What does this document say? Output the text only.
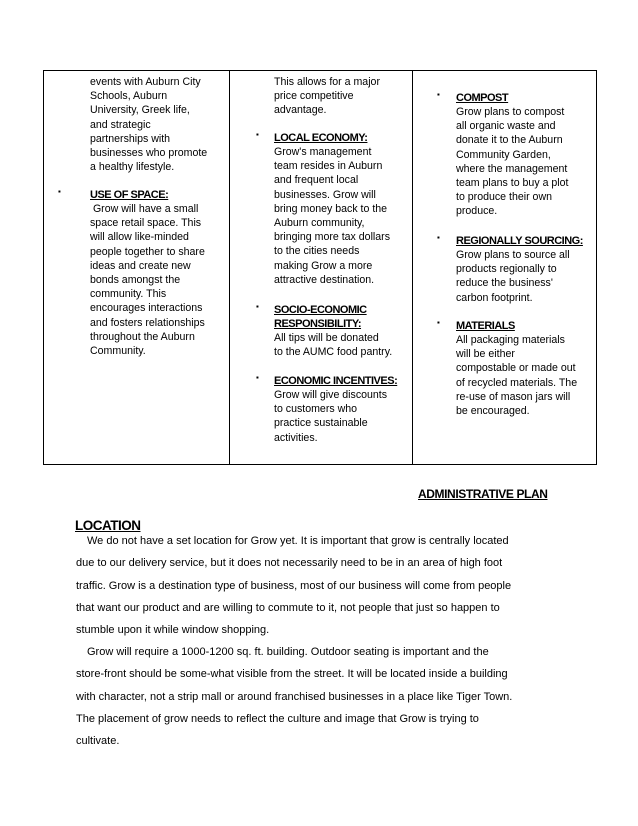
events with Auburn City
Schools, Auburn
University, Greek life,
and strategic
partnerships with
businesses who promote
a healthy lifestyle.
▪	USE OF SPACE:
Grow will have a small
space retail space. This
will allow like-minded
people together to share
ideas and create new
bonds amongst the
community. This
encourages interactions
and fosters relationships
throughout the Auburn
Community.
This allows for a major
price competitive
advantage.
▪ LOCAL ECONOMY:
Grow's management
team resides in Auburn
and frequent local
businesses. Grow will
bring money back to the
Auburn community,
bringing more tax dollars
to the cities needs
making Grow a more
attractive destination.
▪ SOCIO-ECONOMIC
RESPONSIBILITY:
All tips will be donated
to the AUMC food pantry.
▪ ECONOMIC INCENTIVES:
Grow will give discounts
to customers who
practice sustainable
activities.
▪ COMPOST
Grow plans to compost
all organic waste and
donate it to the Auburn
Community Garden,
where the management
team plans to buy a plot
to produce their own
produce.
▪ REGIONALLY SOURCING:
Grow plans to source all
products regionally to
reduce the business'
carbon footprint.
▪ MATERIALS
All packaging materials
will be either
compostable or made out
of recycled materials. The
re-use of mason jars will
be encouraged.
ADMINISTRATIVE PLAN
LOCATION

We do not have a set location for Grow yet. It is important that grow is centrally located
due to our delivery service, but it does not necessarily need to be in an area of high foot
traffic. Grow is a destination type of business, most of our business will come from people
that want our product and are willing to commute to it, not people that just so happen to
stumble upon it while window shopping.

Grow will require a 1000-1200 sq. ft. building. Outdoor seating is important and the
store-front should be some-what visible from the street. It will be located inside a building
with character, not a strip mall or around franchised businesses in a place like Tiger Town.
The placement of grow needs to reflect the culture and image that Grow is trying to
cultivate.
